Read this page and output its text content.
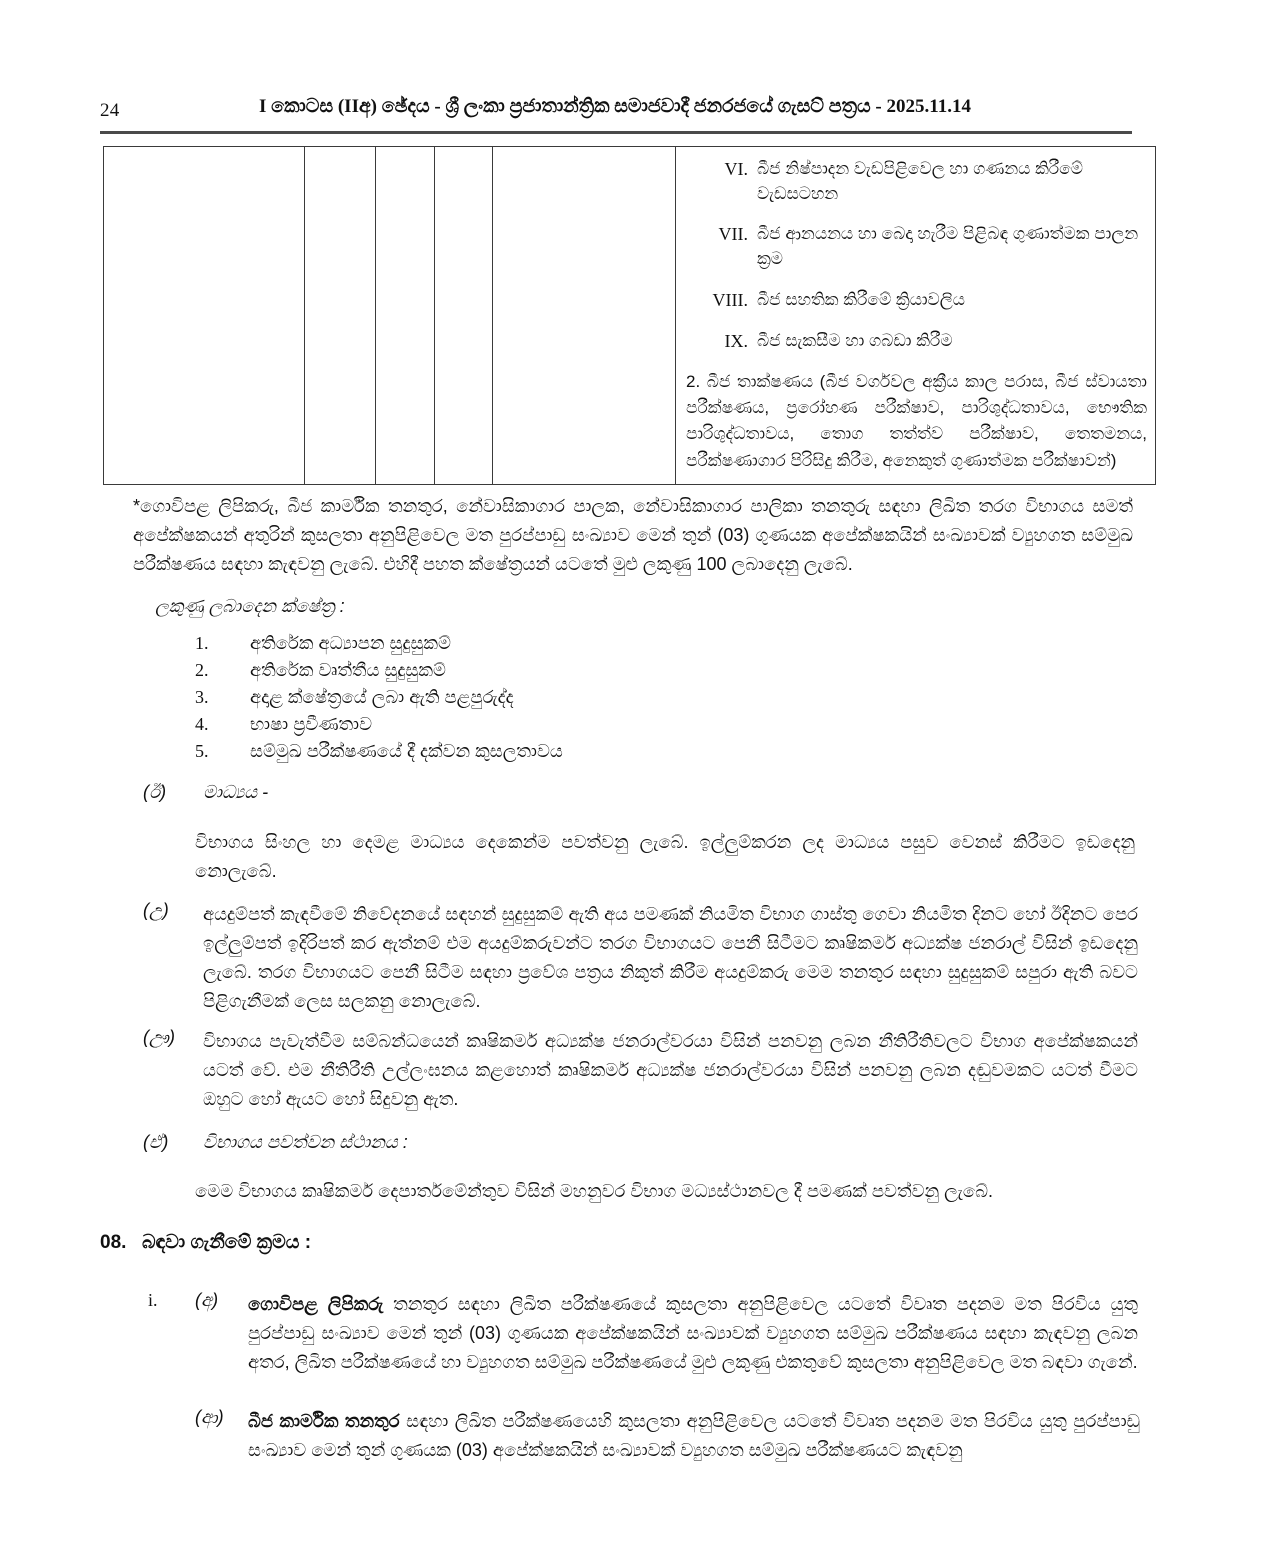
24	I කොටස (IIඅ) ඡේදය - ශ්‍රී ලංකා ප්‍රජාතාන්ත්‍රික සමාජවාදී ජනරජයේ ගැසට් පත්‍රය - 2025.11.14

VI. බීජ නිෂ්පාදන වැඩපිළිවෙල හා ගණනය කිරීමේ වැඩසටහන
VII. බීජ ආනයනය හා බෙදා හැරීම පිළිබඳ ගුණාත්මක පාලන ක්‍රම
VIII. බීජ සහතික කිරීමේ ක්‍රියාවලිය
IX. බීජ සැකසීම හා ගබඩා කිරීම

2. බීජ තාක්ෂණය (බීජ වර්ගවල අක්‍රීය කාල පරාස, බීජ ස්වායතා පරීක්ෂණය, ප්‍රරෝහණ පරීක්ෂාව, පාරිශුද්ධතාවය, භෞතික පාරිශුද්ධතාවය, තොග තත්ත්ව පරීක්ෂාව, තෙතමනය, පරීක්ෂණාගාර පිරිසිදු කිරීම, අනෙකුත් ගුණාත්මක පරීක්ෂාවන්)

*ගොවිපළ ලිපිකරු, බීජ කාර්මික තනතුර, නේවාසිකාගාර පාලක, නේවාසිකාගාර පාලිකා තනතුරු සඳහා ලිඛිත තරග විභාගය සමත් අපේක්ෂකයන් අතුරින් කුසලතා අනුපිළිවෙල මත පුරප්පාඩු සංඛ්‍යාව මෙන් තුන් (03) ගුණයක අපේක්ෂකයින් සංඛ්‍යාවක් ව්‍යුහගත සම්මුඛ පරීක්ෂණය සඳහා කැඳවනු ලැබේ. එහිදී පහත ක්ෂේත්‍රයන් යටතේ මුළු ලකුණු 100 ලබාදෙනු ලැබේ.
ලකුණු ලබාදෙන ක්ෂේත්‍ර :
1.	අතිරේක අධ්‍යාපන සුදුසුකම්
2.	අතිරේක වෘත්තීය සුදුසුකම්
3.	අදාළ ක්ෂේත්‍රයේ ලබා ඇති පළපුරුද්ද
4.	භාෂා ප්‍රවීණතාව
5.	සම්මුඛ පරීක්ෂණයේ දී දක්වන කුසලතාවය
(ඊ)	මාධ්‍යය -
විභාගය සිංහල හා දෙමළ මාධ්‍යය දෙකෙන්ම පවත්වනු ලැබේ. ඉල්ලුම්කරන ලද මාධ්‍යය පසුව වෙනස් කිරීමට ඉඩදෙනු නොලැබේ.
(උ)	අයදුම්පත් කැඳවීමේ නිවේදනයේ සඳහන් සුදුසුකම් ඇති අය පමණක් නියමිත විභාග ගාස්තු ගෙවා නියමිත දිනට හෝ ඊදිනට පෙර ඉල්ලුම්පත් ඉදිරිපත් කර ඇත්නම් එම අයදුම්කරුවන්ට තරග විභාගයට පෙනී සිටීමට කෘෂිකර්ම අධ්‍යක්ෂ ජනරාල් විසින් ඉඩදෙනු ලැබේ. තරග විභාගයට පෙනී සිටීම සඳහා ප්‍රවේශ පත්‍රය නිකුත් කිරීම අයදුම්කරු මෙම තනතුර සඳහා සුදුසුකම් සපුරා ඇති බවට පිළිගැනීමක් ලෙස සලකනු නොලැබේ.
(ඌ)	විභාගය පැවැත්වීම සම්බන්ධයෙන් කෘෂිකර්ම අධ්‍යක්ෂ ජනරාල්වරයා විසින් පනවනු ලබන නීතිරීතිවලට විභාග අපේක්ෂකයන් යටත් වේ. එම නීතිරීති උල්ලංඝනය කළහොත් කෘෂිකර්ම අධ්‍යක්ෂ ජනරාල්වරයා විසින් පනවනු ලබන දඬුවමකට යටත් වීමට ඔහුට හෝ ඇයට හෝ සිදුවනු ඇත.
(ඒ)	විභාගය පවත්වන ස්ථානය :
මෙම විභාගය කෘෂිකර්ම දෙපාර්තමේන්තුව විසින් මහනුවර විභාග මධ්‍යස්ථානවල දී පමණක් පවත්වනු ලැබේ.
08. බඳවා ගැනීමේ ක්‍රමය :
i.	(අ)	ගොවිපළ ලිපිකරු තනතුර සඳහා ලිඛිත පරීක්ෂණයේ කුසලතා අනුපිළිවෙල යටතේ විවෘත පදනම මත පිරවිය යුතු පුරප්පාඩු සංඛ්‍යාව මෙන් තුන් (03) ගුණයක අපේක්ෂකයින් සංඛ්‍යාවක් ව්‍යුහගත සම්මුඛ පරීක්ෂණය සඳහා කැඳවනු ලබන අතර, ලිඛිත පරීක්ෂණයේ හා ව්‍යුහගත සම්මුඛ පරීක්ෂණයේ මුළු ලකුණු එකතුවේ කුසලතා අනුපිළිවෙල මත බඳවා ගැනේ.
(ආ)	බීජ කාර්මික තනතුර සඳහා ලිඛිත පරීක්ෂණයෙහි කුසලතා අනුපිළිවෙල යටතේ විවෘත පදනම මත පිරවිය යුතු පුරප්පාඩු සංඛ්‍යාව මෙන් තුන් ගුණයක (03) අපේක්ෂකයින් සංඛ්‍යාවක් ව්‍යුහගත සම්මුඛ පරීක්ෂණයට කැඳවනු
